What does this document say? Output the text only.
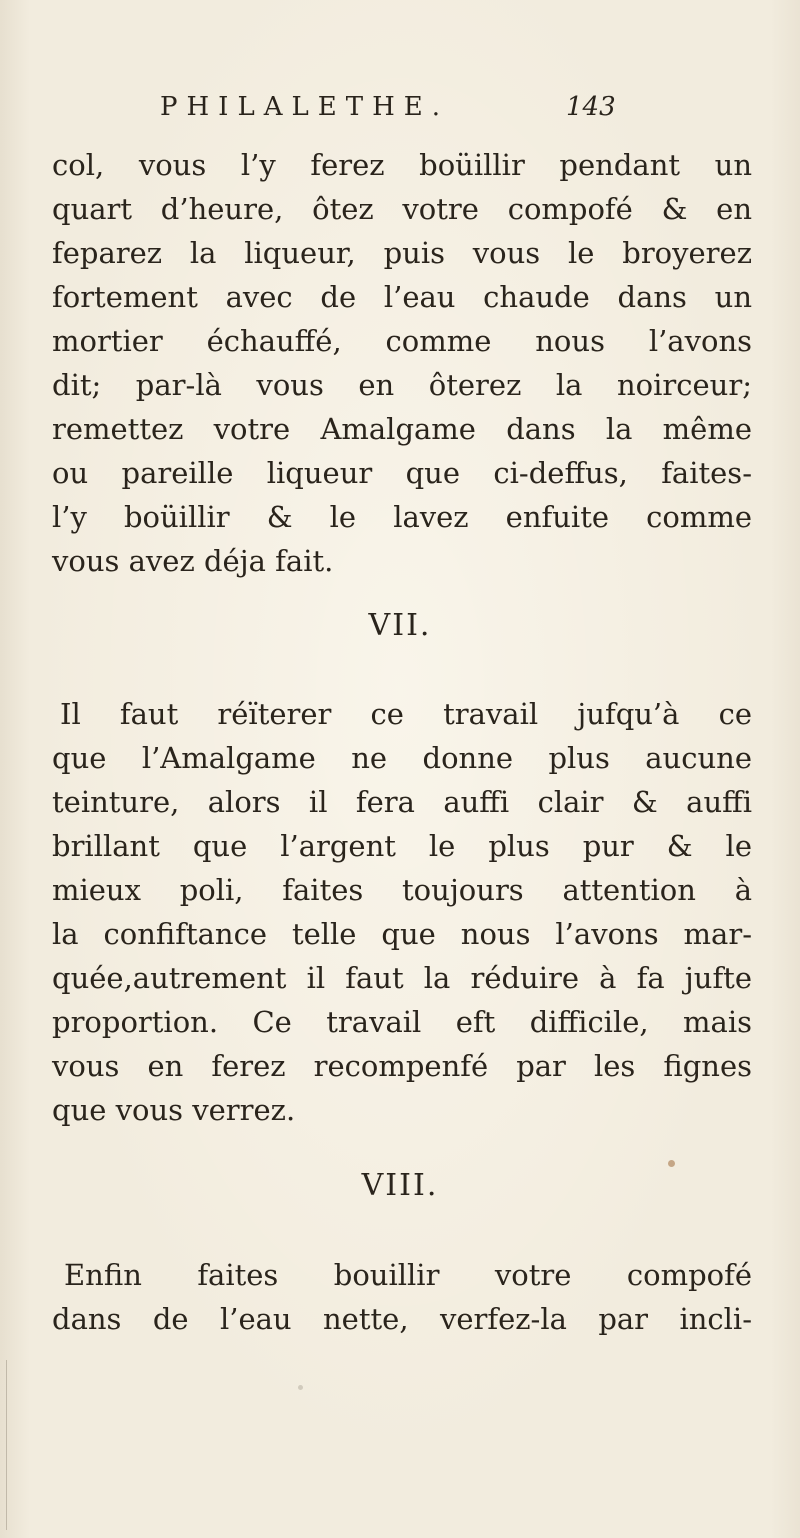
PHILALETHE.	143
col, vous l’y ferez boüillir pendant un
quart d’heure, ôtez votre compofé & en
feparez la liqueur, puis vous le broyerez
fortement avec de l’eau chaude dans un
mortier échauffé, comme nous l’avons
dit; par-là vous en ôterez la noirceur;
remettez votre Amalgame dans la même
ou pareille liqueur que ci-deffus, faites-
l’y boüillir & le lavez enfuite comme
vous avez déja fait.
VII.
Il faut réïterer ce travail jufqu’à ce
que l’Amalgame ne donne plus aucune
teinture, alors il fera auffi clair & auffi
brillant que l’argent le plus pur & le
mieux poli, faites toujours attention à
la confiftance telle que nous l’avons mar-
quée,autrement il faut la réduire à fa jufte
proportion. Ce travail eft difficile, mais
vous en ferez recompenfé par les fignes
que vous verrez.
VIII.
Enfin faites bouillir votre compofé
dans de l’eau nette, verfez-la par incli-
